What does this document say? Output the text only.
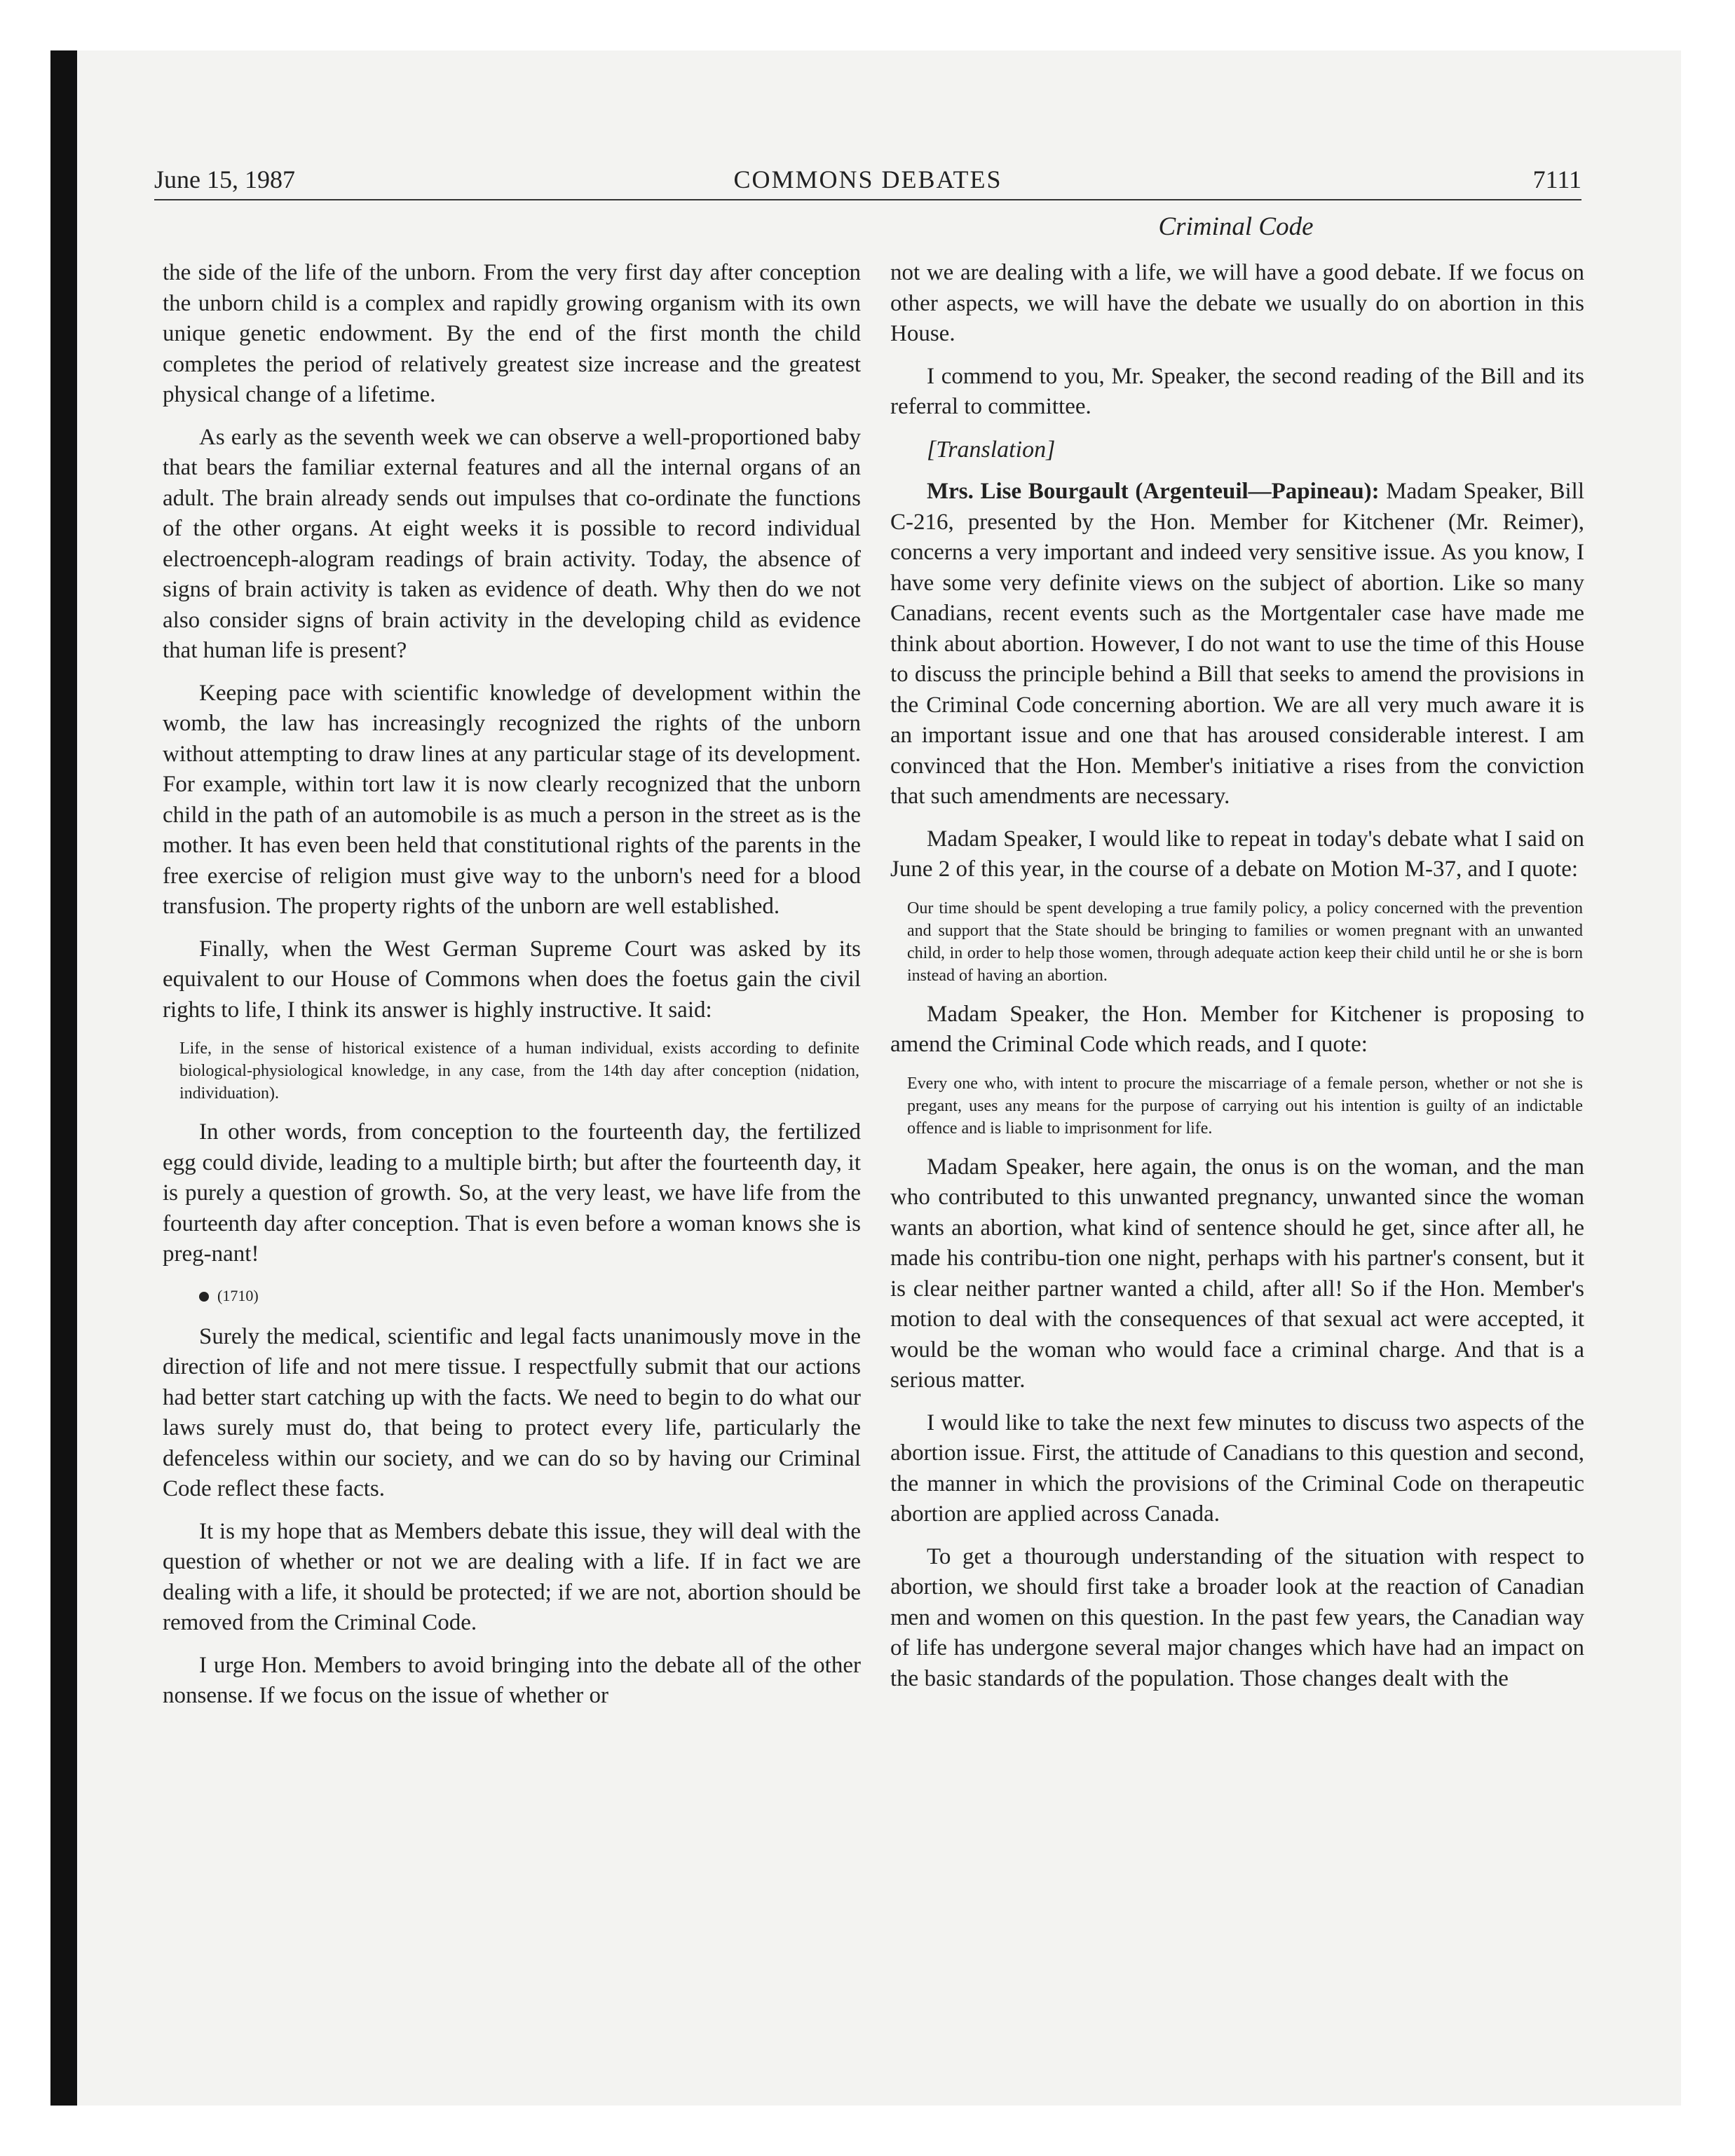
June 15, 1987	COMMONS DEBATES	7111
Criminal Code

the side of the life of the unborn. From the very first day after conception the unborn child is a complex and rapidly growing organism with its own unique genetic endowment. By the end of the first month the child completes the period of relatively greatest size increase and the greatest physical change of a lifetime.

As early as the seventh week we can observe a well-proportioned baby that bears the familiar external features and all the internal organs of an adult. The brain already sends out impulses that co-ordinate the functions of the other organs. At eight weeks it is possible to record individual electroenceph-alogram readings of brain activity. Today, the absence of signs of brain activity is taken as evidence of death. Why then do we not also consider signs of brain activity in the developing child as evidence that human life is present?

Keeping pace with scientific knowledge of development within the womb, the law has increasingly recognized the rights of the unborn without attempting to draw lines at any particular stage of its development. For example, within tort law it is now clearly recognized that the unborn child in the path of an automobile is as much a person in the street as is the mother. It has even been held that constitutional rights of the parents in the free exercise of religion must give way to the unborn's need for a blood transfusion. The property rights of the unborn are well established.

Finally, when the West German Supreme Court was asked by its equivalent to our House of Commons when does the foetus gain the civil rights to life, I think its answer is highly instructive. It said:

Life, in the sense of historical existence of a human individual, exists according to definite biological-physiological knowledge, in any case, from the 14th day after conception (nidation, individuation).

In other words, from conception to the fourteenth day, the fertilized egg could divide, leading to a multiple birth; but after the fourteenth day, it is purely a question of growth. So, at the very least, we have life from the fourteenth day after conception. That is even before a woman knows she is preg-nant!

(1710)

Surely the medical, scientific and legal facts unanimously move in the direction of life and not mere tissue. I respectfully submit that our actions had better start catching up with the facts. We need to begin to do what our laws surely must do, that being to protect every life, particularly the defenceless within our society, and we can do so by having our Criminal Code reflect these facts.

It is my hope that as Members debate this issue, they will deal with the question of whether or not we are dealing with a life. If in fact we are dealing with a life, it should be protected; if we are not, abortion should be removed from the Criminal Code.

I urge Hon. Members to avoid bringing into the debate all of the other nonsense. If we focus on the issue of whether or

not we are dealing with a life, we will have a good debate. If we focus on other aspects, we will have the debate we usually do on abortion in this House.

I commend to you, Mr. Speaker, the second reading of the Bill and its referral to committee.

[Translation]

Mrs. Lise Bourgault (Argenteuil—Papineau): Madam Speaker, Bill C-216, presented by the Hon. Member for Kitchener (Mr. Reimer), concerns a very important and indeed very sensitive issue. As you know, I have some very definite views on the subject of abortion. Like so many Canadians, recent events such as the Mortgentaler case have made me think about abortion. However, I do not want to use the time of this House to discuss the principle behind a Bill that seeks to amend the provisions in the Criminal Code concerning abortion. We are all very much aware it is an important issue and one that has aroused considerable interest. I am convinced that the Hon. Member's initiative a rises from the conviction that such amendments are necessary.

Madam Speaker, I would like to repeat in today's debate what I said on June 2 of this year, in the course of a debate on Motion M-37, and I quote:

Our time should be spent developing a true family policy, a policy concerned with the prevention and support that the State should be bringing to families or women pregnant with an unwanted child, in order to help those women, through adequate action keep their child until he or she is born instead of having an abortion.

Madam Speaker, the Hon. Member for Kitchener is proposing to amend the Criminal Code which reads, and I quote:

Every one who, with intent to procure the miscarriage of a female person, whether or not she is pregant, uses any means for the purpose of carrying out his intention is guilty of an indictable offence and is liable to imprisonment for life.

Madam Speaker, here again, the onus is on the woman, and the man who contributed to this unwanted pregnancy, unwanted since the woman wants an abortion, what kind of sentence should he get, since after all, he made his contribu-tion one night, perhaps with his partner's consent, but it is clear neither partner wanted a child, after all! So if the Hon. Member's motion to deal with the consequences of that sexual act were accepted, it would be the woman who would face a criminal charge. And that is a serious matter.

I would like to take the next few minutes to discuss two aspects of the abortion issue. First, the attitude of Canadians to this question and second, the manner in which the provisions of the Criminal Code on therapeutic abortion are applied across Canada.

To get a thourough understanding of the situation with respect to abortion, we should first take a broader look at the reaction of Canadian men and women on this question. In the past few years, the Canadian way of life has undergone several major changes which have had an impact on the basic standards of the population. Those changes dealt with the
